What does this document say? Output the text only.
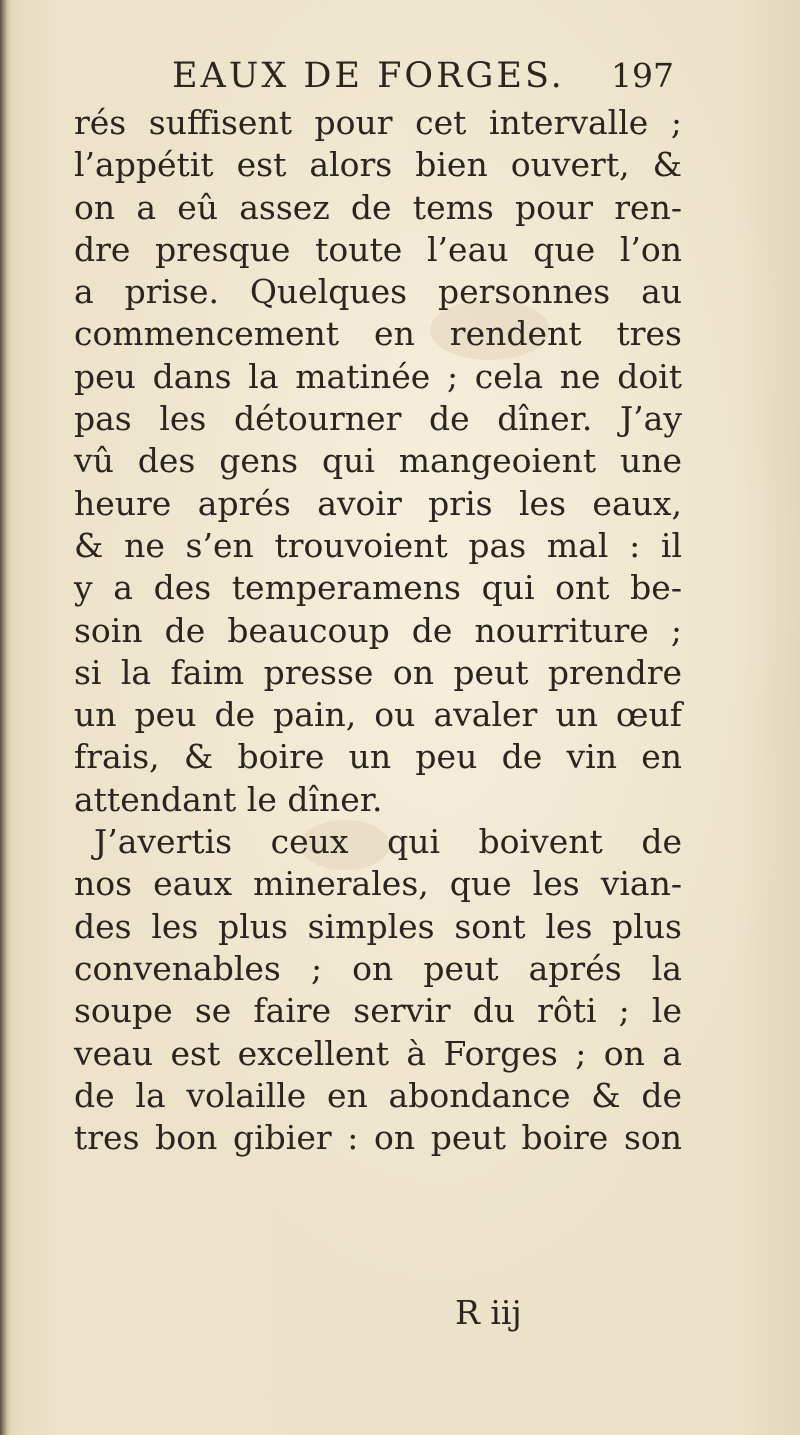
EAUX DE FORGES. 197
rés suffisent pour cet intervalle ;
l’appétit est alors bien ouvert, &
on a eû assez de tems pour ren-
dre presque toute l’eau que l’on
a prise. Quelques personnes au
commencement en rendent tres
peu dans la matinée ; cela ne doit
pas les détourner de dîner. J’ay
vû des gens qui mangeoient une
heure aprés avoir pris les eaux,
& ne s’en trouvoient pas mal : il
y a des temperamens qui ont be-
soin de beaucoup de nourriture ;
si la faim presse on peut prendre
un peu de pain, ou avaler un œuf
frais, & boire un peu de vin en
attendant le dîner.
J’avertis ceux qui boivent de
nos eaux minerales, que les vian-
des les plus simples sont les plus
convenables ; on peut aprés la
soupe se faire servir du rôti ; le
veau est excellent à Forges ; on a
de la volaille en abondance & de
tres bon gibier : on peut boire son
R iij
